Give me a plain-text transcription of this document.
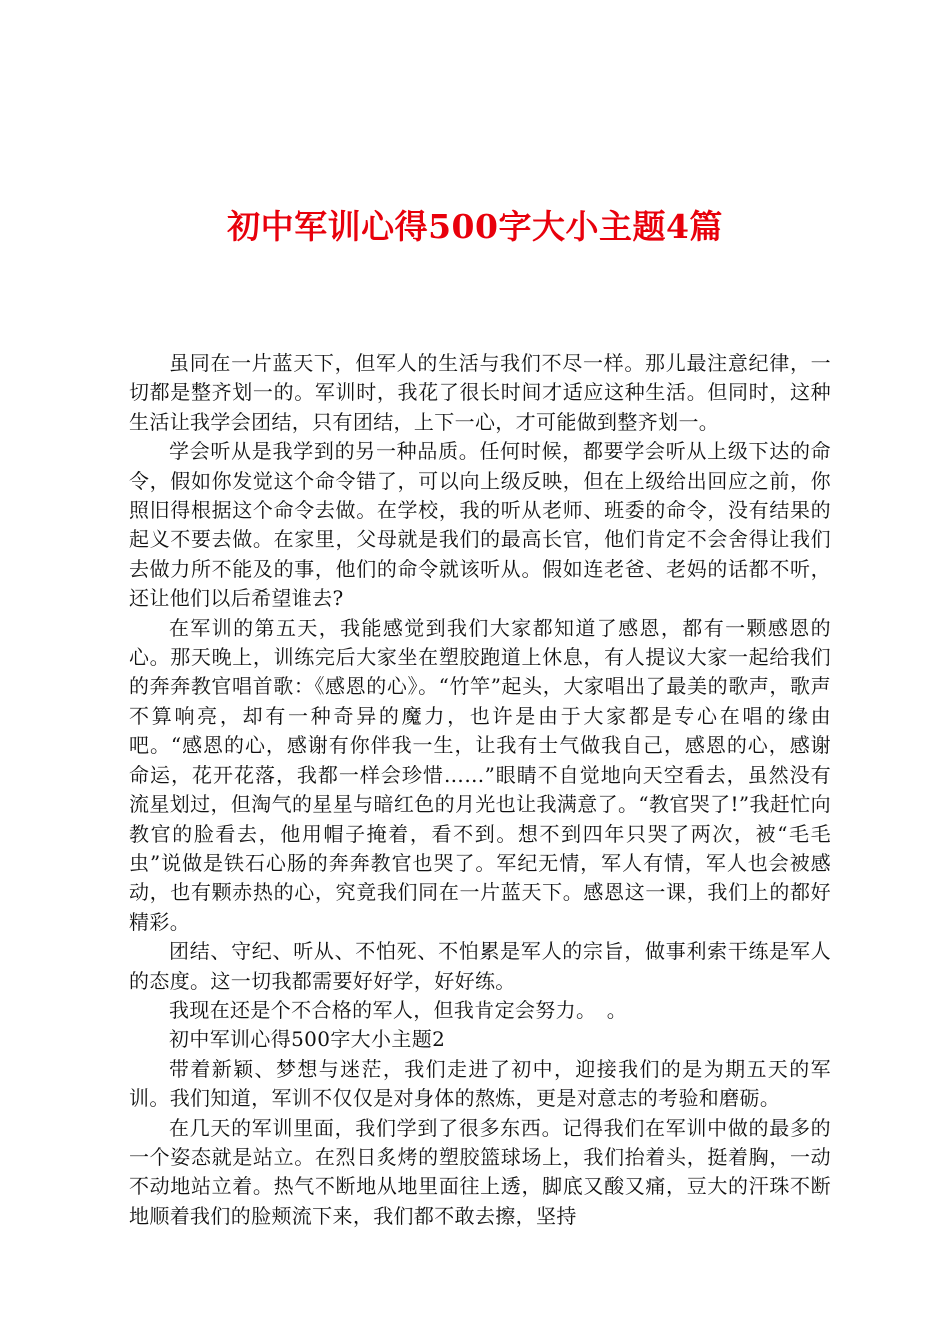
初中军训心得500字大小主题4篇

虽同在一片蓝天下，但军人的生活与我们不尽一样。那儿最注意纪律，一切都是整齐划一的。军训时，我花了很长时间才适应这种生活。但同时，这种生活让我学会团结，只有团结，上下一心，才可能做到整齐划一。

学会听从是我学到的另一种品质。任何时候，都要学会听从上级下达的命令，假如你发觉这个命令错了，可以向上级反映，但在上级给出回应之前，你照旧得根据这个命令去做。在学校，我的听从老师、班委的命令，没有结果的起义不要去做。在家里，父母就是我们的最高长官，他们肯定不会舍得让我们去做力所不能及的事，他们的命令就该听从。假如连老爸、老妈的话都不听，还让他们以后希望谁去?

在军训的第五天，我能感觉到我们大家都知道了感恩，都有一颗感恩的心。那天晚上，训练完后大家坐在塑胶跑道上休息，有人提议大家一起给我们的奔奔教官唱首歌：《感恩的心》。“竹竿”起头，大家唱出了最美的歌声，歌声不算响亮，却有一种奇异的魔力，也许是由于大家都是专心在唱的缘由吧。“感恩的心，感谢有你伴我一生，让我有士气做我自己，感恩的心，感谢命运，花开花落，我都一样会珍惜……”眼睛不自觉地向天空看去，虽然没有流星划过，但淘气的星星与暗红色的月光也让我满意了。“教官哭了!”我赶忙向教官的脸看去，他用帽子掩着，看不到。想不到四年只哭了两次，被“毛毛虫”说做是铁石心肠的奔奔教官也哭了。军纪无情，军人有情，军人也会被感动，也有颗赤热的心，究竟我们同在一片蓝天下。感恩这一课，我们上的都好精彩。

团结、守纪、听从、不怕死、不怕累是军人的宗旨，做事利索干练是军人的态度。这一切我都需要好好学，好好练。

我现在还是个不合格的军人，但我肯定会努力。　。

初中军训心得500字大小主题2

带着新颖、梦想与迷茫，我们走进了初中，迎接我们的是为期五天的军训。我们知道，军训不仅仅是对身体的熬炼，更是对意志的考验和磨砺。

在几天的军训里面，我们学到了很多东西。记得我们在军训中做的最多的一个姿态就是站立。在烈日炙烤的塑胶篮球场上，我们抬着头，挺着胸，一动不动地站立着。热气不断地从地里面往上透，脚底又酸又痛，豆大的汗珠不断地顺着我们的脸颊流下来，我们都不敢去擦，坚持
